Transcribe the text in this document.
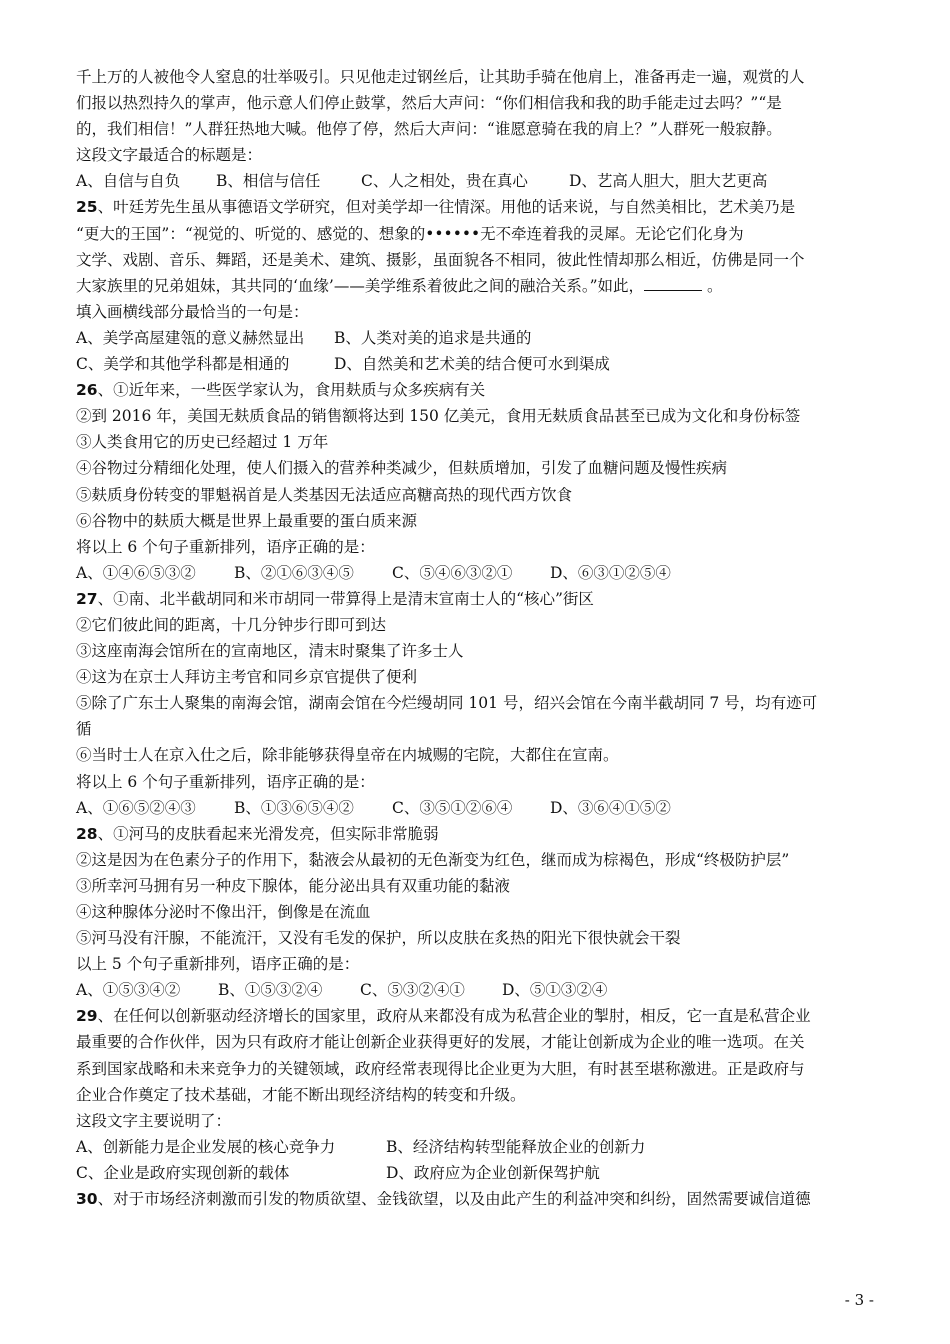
千上万的人被他令人窒息的壮举吸引。只见他走过钢丝后，让其助手骑在他肩上，准备再走一遍，观赏的人
们报以热烈持久的掌声，他示意人们停止鼓掌，然后大声问：“你们相信我和我的助手能走过去吗？”“是
的，我们相信！”人群狂热地大喊。他停了停，然后大声问：“谁愿意骑在我的肩上？”人群死一般寂静。
这段文字最适合的标题是：
A、自信与自负 B、相信与信任	C、人之相处，贵在真心	D、艺高人胆大，胆大艺更高
25、叶廷芳先生虽从事德语文学研究，但对美学却一往情深。用他的话来说，与自然美相比，艺术美乃是
“更大的王国”：“视觉的、听觉的、感觉的、想象的••••••无不牵连着我的灵犀。无论它们化身为
文学、戏剧、音乐、舞蹈，还是美术、建筑、摄影，虽面貌各不相同，彼此性情却那么相近，仿佛是同一个
大家族里的兄弟姐妹，其共同的‘血缘’——美学维系着彼此之间的融洽关系。”如此，	。
填入画横线部分最恰当的一句是：
A、美学高屋建瓴的意义赫然显出 B、人类对美的追求是共通的
C、美学和其他学科都是相通的	D、自然美和艺术美的结合便可水到渠成
26、①近年来，一些医学家认为，食用麸质与众多疾病有关
②到 2016 年，美国无麸质食品的销售额将达到 150 亿美元，食用无麸质食品甚至已成为文化和身份标签
③人类食用它的历史已经超过 1 万年
④谷物过分精细化处理，使人们摄入的营养种类减少，但麸质增加，引发了血糖问题及慢性疾病
⑤麸质身份转变的罪魁祸首是人类基因无法适应高糖高热的现代西方饮食
⑥谷物中的麸质大概是世界上最重要的蛋白质来源
将以上 6 个句子重新排列，语序正确的是：
A、①④⑥⑤③② B、②①⑥③④⑤ C、⑤④⑥③②① D、⑥③①②⑤④
27、①南、北半截胡同和米市胡同一带算得上是清末宣南士人的“核心”街区
②它们彼此间的距离，十几分钟步行即可到达
③这座南海会馆所在的宣南地区，清末时聚集了许多士人
④这为在京士人拜访主考官和同乡京官提供了便利
⑤除了广东士人聚集的南海会馆，湖南会馆在今烂缦胡同 101 号，绍兴会馆在今南半截胡同 7 号，均有迹可
循
⑥当时士人在京入仕之后，除非能够获得皇帝在内城赐的宅院，大都住在宣南。
将以上 6 个句子重新排列，语序正确的是：
A、①⑥⑤②④③ B、①③⑥⑤④② C、③⑤①②⑥④ D、③⑥④①⑤②
28、①河马的皮肤看起来光滑发亮，但实际非常脆弱
②这是因为在色素分子的作用下，黏液会从最初的无色渐变为红色，继而成为棕褐色，形成“终极防护层”
③所幸河马拥有另一种皮下腺体，能分泌出具有双重功能的黏液
④这种腺体分泌时不像出汗，倒像是在流血
⑤河马没有汗腺，不能流汗，又没有毛发的保护，所以皮肤在炙热的阳光下很快就会干裂
以上 5 个句子重新排列，语序正确的是：
A、①⑤③④② B、①⑤③②④ C、⑤③②④① D、⑤①③②④
29、在任何以创新驱动经济增长的国家里，政府从来都没有成为私营企业的掣肘，相反，它一直是私营企业
最重要的合作伙伴，因为只有政府才能让创新企业获得更好的发展，才能让创新成为企业的唯一选项。在关
系到国家战略和未来竞争力的关键领域，政府经常表现得比企业更为大胆，有时甚至堪称激进。正是政府与
企业合作奠定了技术基础，才能不断出现经济结构的转变和升级。
这段文字主要说明了：
A、创新能力是企业发展的核心竞争力	B、经济结构转型能释放企业的创新力
C、企业是政府实现创新的载体	D、政府应为企业创新保驾护航
30、对于市场经济刺激而引发的物质欲望、金钱欲望，以及由此产生的利益冲突和纠纷，固然需要诚信道德
- 3 -
